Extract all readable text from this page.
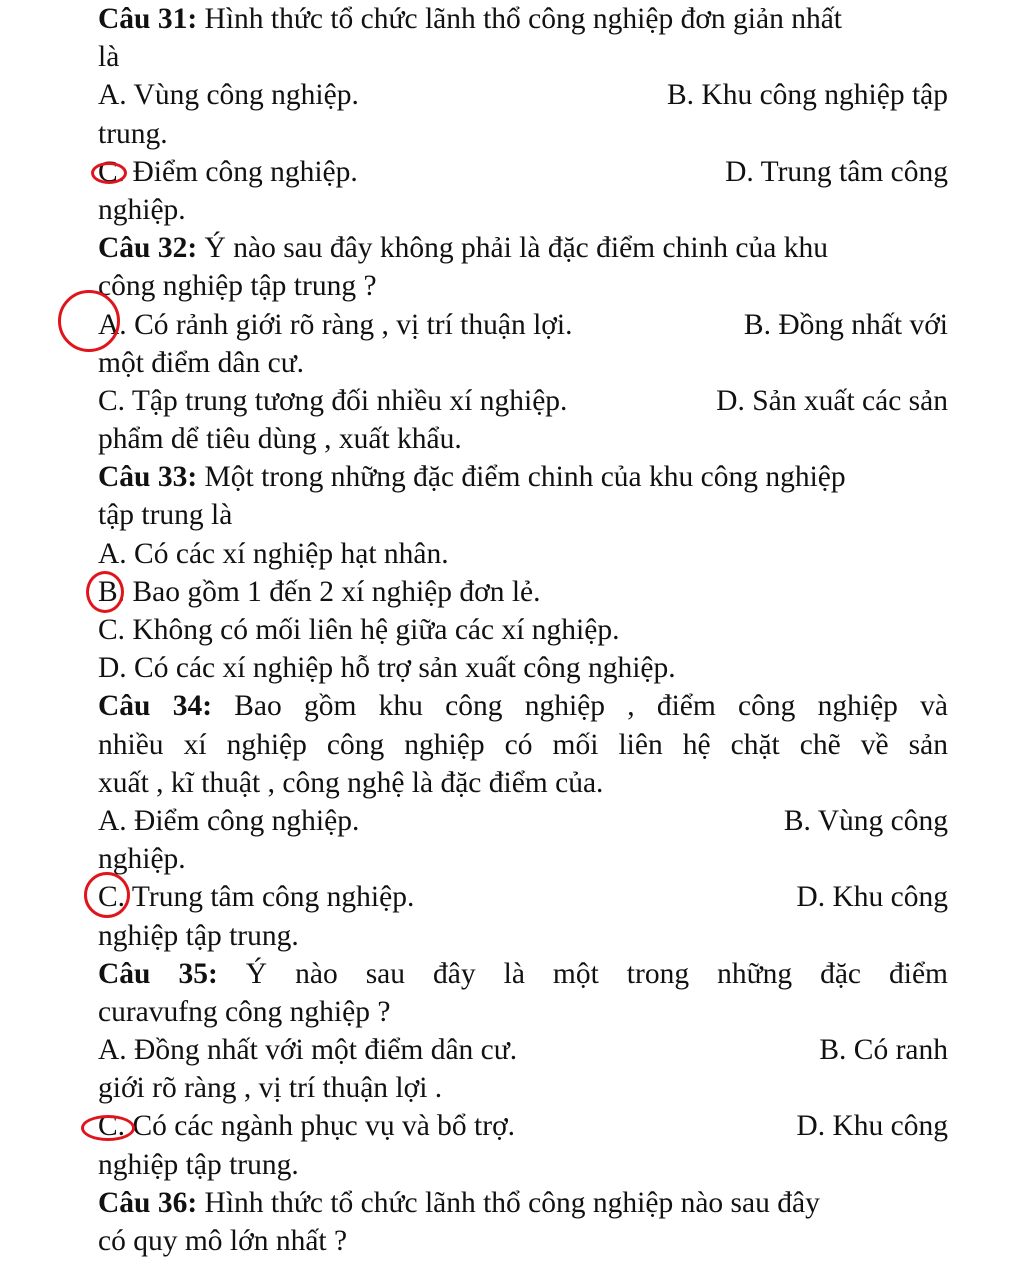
Câu 31: Hình thức tổ chức lãnh thổ công nghiệp đơn giản nhất
là
A. Vùng công nghiệp.	B. Khu công nghiệp tập
trung.
C. Điểm công nghiệp.	D. Trung tâm công
nghiệp.
Câu 32: Ý nào sau đây không phải là đặc điểm chinh của khu
công nghiệp tập trung ?
A. Có rảnh giới rõ ràng , vị trí thuận lợi.	B. Đồng nhất với
một điểm dân cư.
C. Tập trung tương đối nhiều xí nghiệp.	D. Sản xuất các sản
phẩm dể tiêu dùng , xuất khẩu.
Câu 33: Một trong những đặc điểm chinh của khu công nghiệp
tập trung là
A. Có các xí nghiệp hạt nhân.
B. Bao gồm 1 đến 2 xí nghiệp đơn lẻ.
C. Không có mối liên hệ giữa các xí nghiệp.
D. Có các xí nghiệp hỗ trợ sản xuất công nghiệp.
Câu 34: Bao gồm khu công nghiệp , điểm công nghiệp và
nhiều xí nghiệp công nghiệp có mối liên hệ chặt chẽ về sản
xuất , kĩ thuật , công nghệ là đặc điểm của.
A. Điểm công nghiệp.	B. Vùng công
nghiệp.
C. Trung tâm công nghiệp.	D. Khu công
nghiệp tập trung.
Câu 35: Ý nào sau đây là một trong những đặc điểm
curavufng công nghiệp ?
A. Đồng nhất với một điểm dân cư.	B. Có ranh
giới rõ ràng , vị trí thuận lợi .
C. Có các ngành phục vụ và bổ trợ.	D. Khu công
nghiệp tập trung.
Câu 36: Hình thức tổ chức lãnh thổ công nghiệp nào sau đây
có quy mô lớn nhất ?
